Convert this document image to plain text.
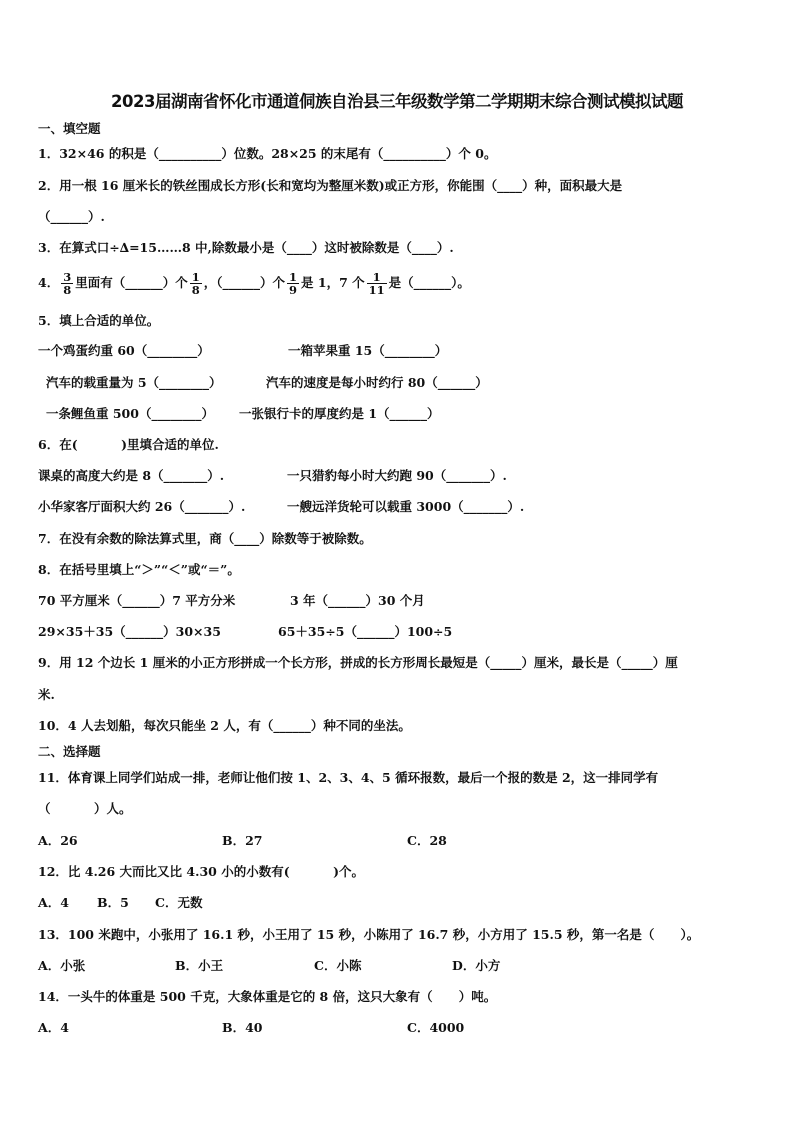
2023届湖南省怀化市通道侗族自治县三年级数学第二学期期末综合测试模拟试题
一、填空题
1．32×46 的积是（__________）位数。28×25 的末尾有（__________）个 0。
2．用一根 16 厘米长的铁丝围成长方形(长和宽均为整厘米数)或正方形，你能围（____）种，面积最大是
（______）.
3．在算式口÷∆=15……8 中,除数最小是（____）这时被除数是（____）.
4． $\frac{3}{8}$ 里面有（______）个 $\frac{1}{8}$ ，（______）个 $\frac{1}{9}$ 是 1，7 个 $\frac{1}{11}$ 是（______）。
5．填上合适的单位。
一个鸡蛋约重 60（________）	一箱苹果重 15（________）
汽车的载重量为 5（________）	汽车的速度是每小时约行 80（______）
一条鲤鱼重 500（________） 一张银行卡的厚度约是 1（______）
6．在(          )里填合适的单位.
课桌的高度大约是 8（_______）.	一只猎豹每小时大约跑 90（_______）.
小华家客厅面积大约 26（_______）.	一艘远洋货轮可以载重 3000（_______）.
7．在没有余数的除法算式里，商（____）除数等于被除数。
8．在括号里填上“＞”“＜”或“＝”。
70 平方厘米（______）7 平方分米	3 年（______）30 个月
29×35＋35（______）30×35	65＋35÷5（______）100÷5
9．用 12 个边长 1 厘米的小正方形拼成一个长方形，拼成的长方形周长最短是（_____）厘米，最长是（_____）厘
米.
10．4 人去划船，每次只能坐 2 人，有（______）种不同的坐法。
二、选择题
11．体育课上同学们站成一排，老师让他们按 1、2、3、4、5 循环报数，最后一个报的数是 2，这一排同学有
（          ）人。
A．26	B．27	C．28
12．比 4.26 大而比又比 4.30 小的小数有(          )个。
A．4 B．5 C．无数
13．100 米跑中，小张用了 16.1 秒，小王用了 15 秒，小陈用了 16.7 秒，小方用了 15.5 秒，第一名是（      ）。
A．小张	B．小王	C．小陈	D．小方
14．一头牛的体重是 500 千克，大象体重是它的 8 倍，这只大象有（      ）吨。
A．4	B．40	C．4000
